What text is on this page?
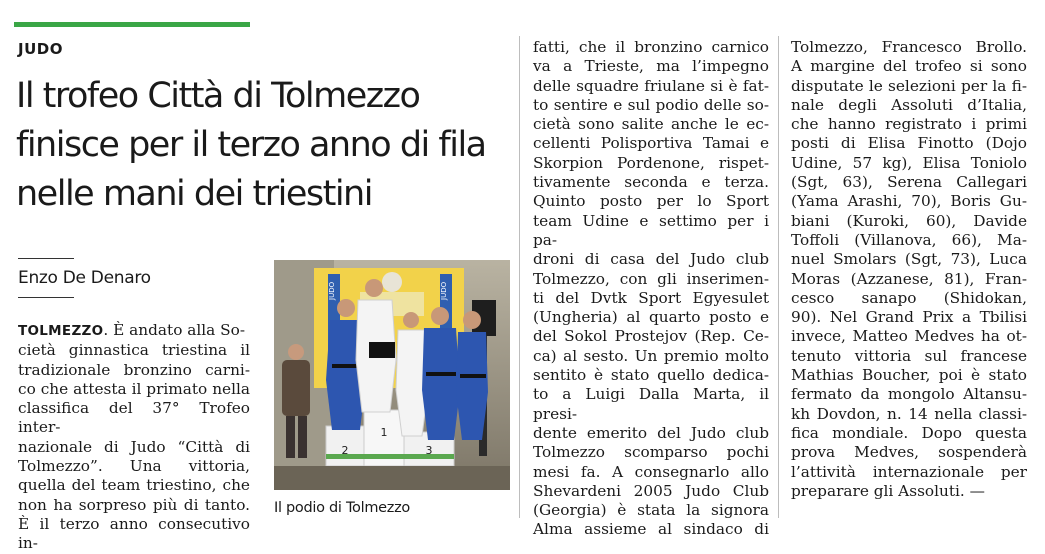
JUDO
Il trofeo Città di Tolmezzo
finisce per il terzo anno di fila
nelle mani dei triestini
Enzo De Denaro
TOLMEZZO. È andato alla So-
cietà ginnastica triestina il
tradizionale bronzino carni-
co che attesta il primato nella
classifica del 37° Trofeo inter-
nazionale di Judo “Città di
Tolmezzo”. Una vittoria,
quella del team triestino, che
non ha sorpreso più di tanto.
È il terzo anno consecutivo in-
JUDO	JUDO
2
1
3
Il podio di Tolmezzo
fatti, che il bronzino carnico
va a Trieste, ma l’impegno
delle squadre friulane si è fat-
to sentire e sul podio delle so-
cietà sono salite anche le ec-
cellenti Polisportiva Tamai e
Skorpion Pordenone, rispet-
tivamente seconda e terza.
Quinto posto per lo Sport
team Udine e settimo per i pa-
droni di casa del Judo club
Tolmezzo, con gli inserimen-
ti del Dvtk Sport Egyesulet
(Ungheria) al quarto posto e
del Sokol Prostejov (Rep. Ce-
ca) al sesto. Un premio molto
sentito è stato quello dedica-
to a Luigi Dalla Marta, il presi-
dente emerito del Judo club
Tolmezzo scomparso pochi
mesi fa. A consegnarlo allo
Shevardeni 2005 Judo Club
(Georgia) è stata la signora
Alma assieme al sindaco di
Tolmezzo, Francesco Brollo.
A margine del trofeo si sono
disputate le selezioni per la fi-
nale degli Assoluti d’Italia,
che hanno registrato i primi
posti di Elisa Finotto (Dojo
Udine, 57 kg), Elisa Toniolo
(Sgt, 63), Serena Callegari
(Yama Arashi, 70), Boris Gu-
biani (Kuroki, 60), Davide
Toffoli (Villanova, 66), Ma-
nuel Smolars (Sgt, 73), Luca
Moras (Azzanese, 81), Fran-
cesco sanapo (Shidokan,
90). Nel Grand Prix a Tbilisi
invece, Matteo Medves ha ot-
tenuto vittoria sul francese
Mathias Boucher, poi è stato
fermato da mongolo Altansu-
kh Dovdon, n. 14 nella classi-
fica mondiale. Dopo questa
prova Medves, sospenderà
l’attività internazionale per
preparare gli Assoluti. —
